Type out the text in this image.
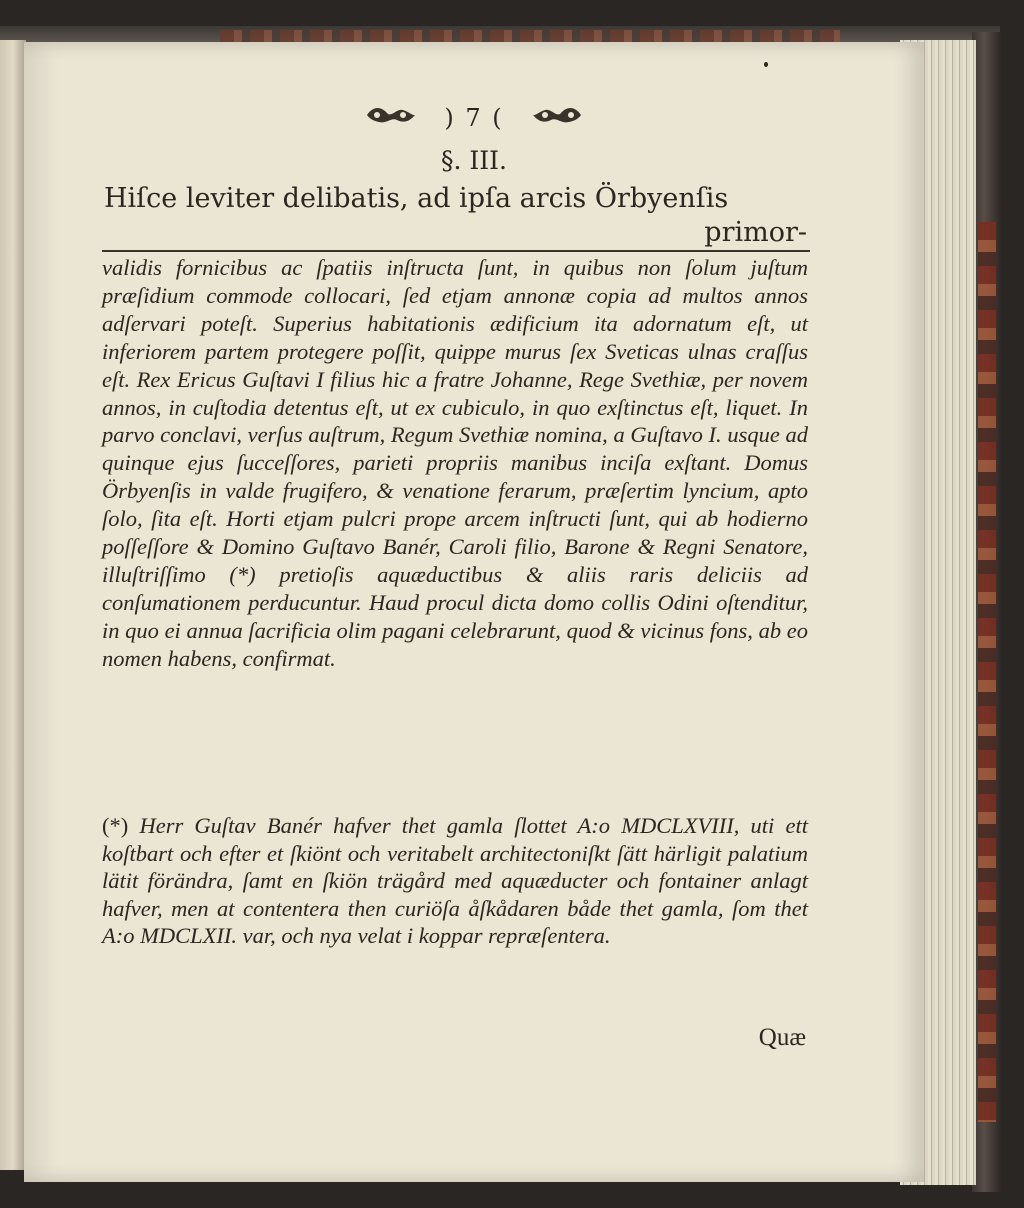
) 7 (
§. III.
Hiſce leviter delibatis, ad ipſa arcis Örbyenſis
primor-

validis fornicibus ac ſpatiis inſtructa ſunt, in quibus non ſolum juſtum præſidium commode collocari, ſed etjam annonæ copia ad multos annos adſervari poteſt. Superius habitationis ædificium ita adornatum eſt, ut inferiorem partem protegere poſſit, quippe murus ſex Sveticas ulnas craſſus eſt. Rex Ericus Guſtavi I filius hic a fratre Johanne, Rege Svethiæ, per novem annos, in cuſtodia detentus eſt, ut ex cubiculo, in quo exſtinctus eſt, liquet. In parvo conclavi, verſus auſtrum, Regum Svethiæ nomina, a Guſtavo I. usque ad quinque ejus ſucceſſores, parieti propriis manibus inciſa exſtant. Domus Örbyenſis in valde frugifero, & venatione ferarum, præſertim lyncium, apto ſolo, ſita eſt. Horti etjam pulcri prope arcem inſtructi ſunt, qui ab hodierno poſſeſſore & Domino Guſtavo Banér, Caroli filio, Barone & Regni Senatore, illuſtriſſimo (*) pretioſis aquæductibus & aliis raris deliciis ad conſumationem perducuntur. Haud procul dicta domo collis Odini oſtenditur, in quo ei annua ſacrificia olim pagani celebrarunt, quod & vicinus fons, ab eo nomen habens, confirmat.

(*) Herr Guſtav Banér hafver thet gamla ſlottet A:o MDCLXVIII, uti ett koſtbart och efter et ſkiönt och veritabelt architectoniſkt ſätt härligit palatium lätit förändra, ſamt en ſkiön trägård med aquæducter och fontainer anlagt hafver, men at contentera then curiöſa åſkådaren både thet gamla, ſom thet A:o MDCLXII. var, och nya velat i koppar repræſentera.
Quæ
